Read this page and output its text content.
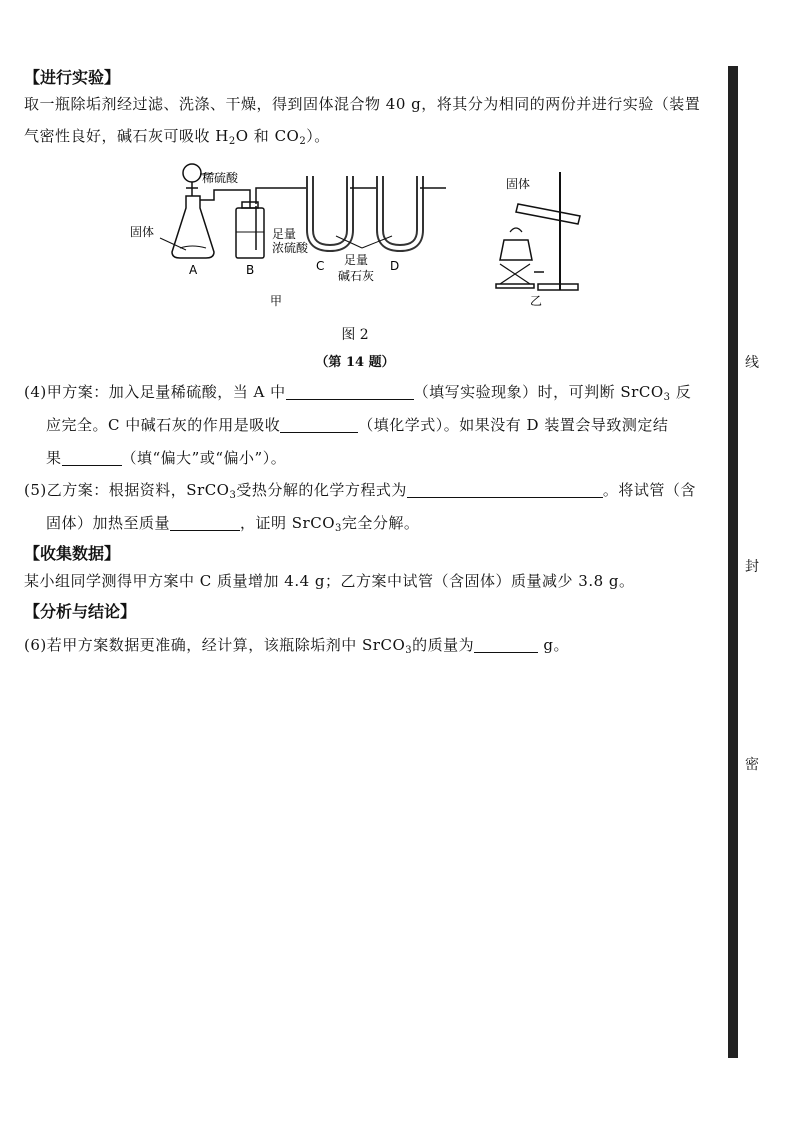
【进行实验】
取一瓶除垢剂经过滤、洗涤、干燥，得到固体混合物 40 g，将其分为相同的两份并进行实验（装置
气密性良好，碱石灰可吸收 $H_2O$ 和 $CO_2$）。
稀硫酸
固体
A	B
足量
浓硫酸
C 足量
碱石灰
D
甲
固体
乙
图 2
（第 14 题）
(4)甲方案：加入足量稀硫酸，当 A 中	（填写实验现象）时，可判断 SrCO$_3$ 反
应完全。C 中碱石灰的作用是吸收	（填化学式）。如果没有 D 装置会导致测定结
果	（填“偏大”或“偏小”）。
(5)乙方案：根据资料，SrCO$_3$受热分解的化学方程式为	。将试管（含
固体）加热至质量	，证明 SrCO$_3$完全分解。
【收集数据】
某小组同学测得甲方案中 C 质量增加 4.4 g；乙方案中试管（含固体）质量减少 3.8 g。
【分析与结论】
(6)若甲方案数据更准确，经计算，该瓶除垢剂中 SrCO$_3$的质量为	g。
线
封
密
